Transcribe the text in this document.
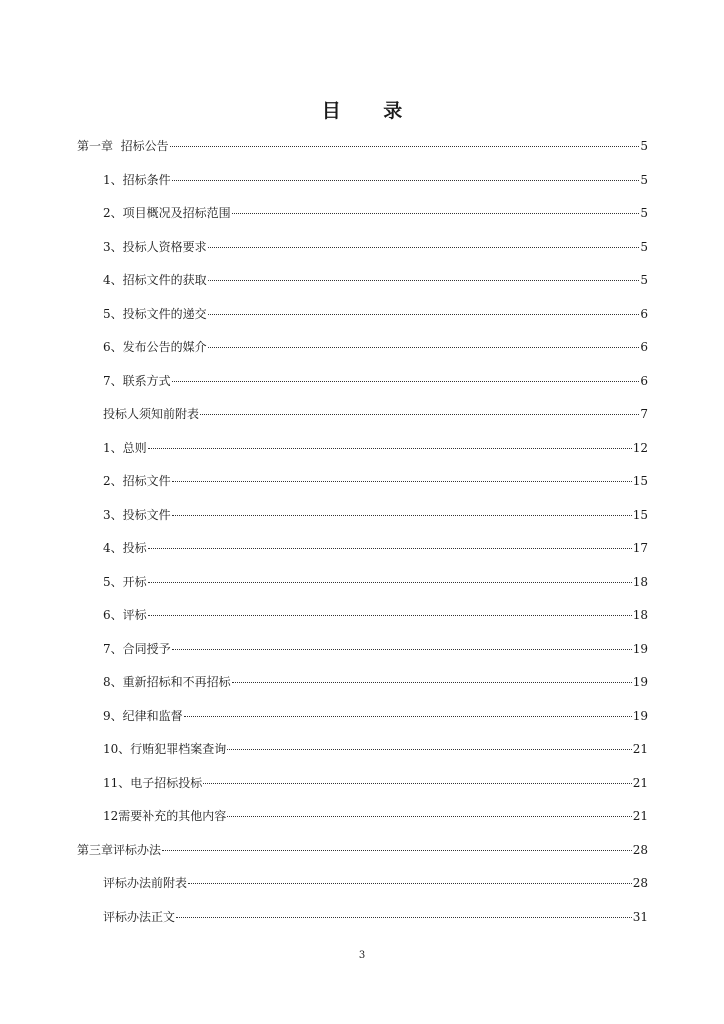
目 录
第一章  招标公告	5
1、招标条件	5
2、项目概况及招标范围	5
3、投标人资格要求	5
4、招标文件的获取	5
5、投标文件的递交	6
6、发布公告的媒介	6
7、联系方式	6
投标人须知前附表	7
1、总则	12
2、招标文件	15
3、投标文件	15
4、投标	17
5、开标	18
6、评标	18
7、合同授予	19
8、重新招标和不再招标	19
9、纪律和监督	19
10、行贿犯罪档案查询	21
11、电子招标投标	21
12需要补充的其他内容	21
第三章评标办法	28
评标办法前附表	28
评标办法正文	31
3
